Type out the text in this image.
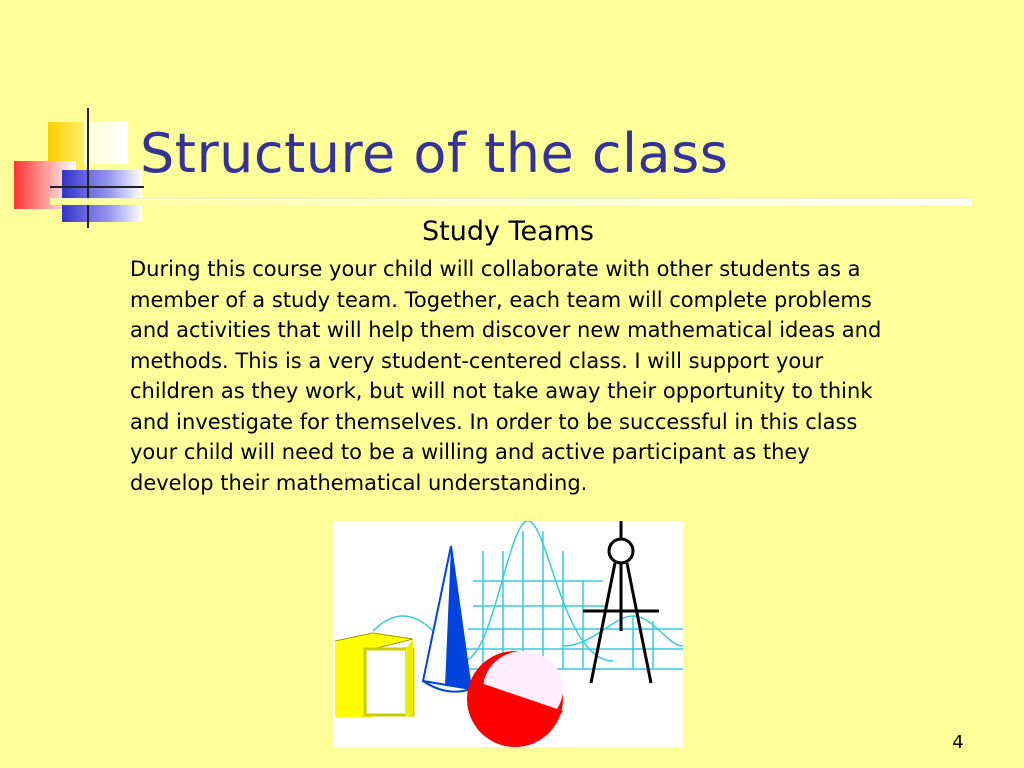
Structure of the class
Study Teams

During this course your child will collaborate with other students as a member of a study team. Together, each team will complete problems and activities that will help them discover new mathematical ideas and methods. This is a very student-centered class. I will support your children as they work, but will not take away their opportunity to think and investigate for themselves. In order to be successful in this class your child will need to be a willing and active participant as they develop their mathematical understanding.

4
